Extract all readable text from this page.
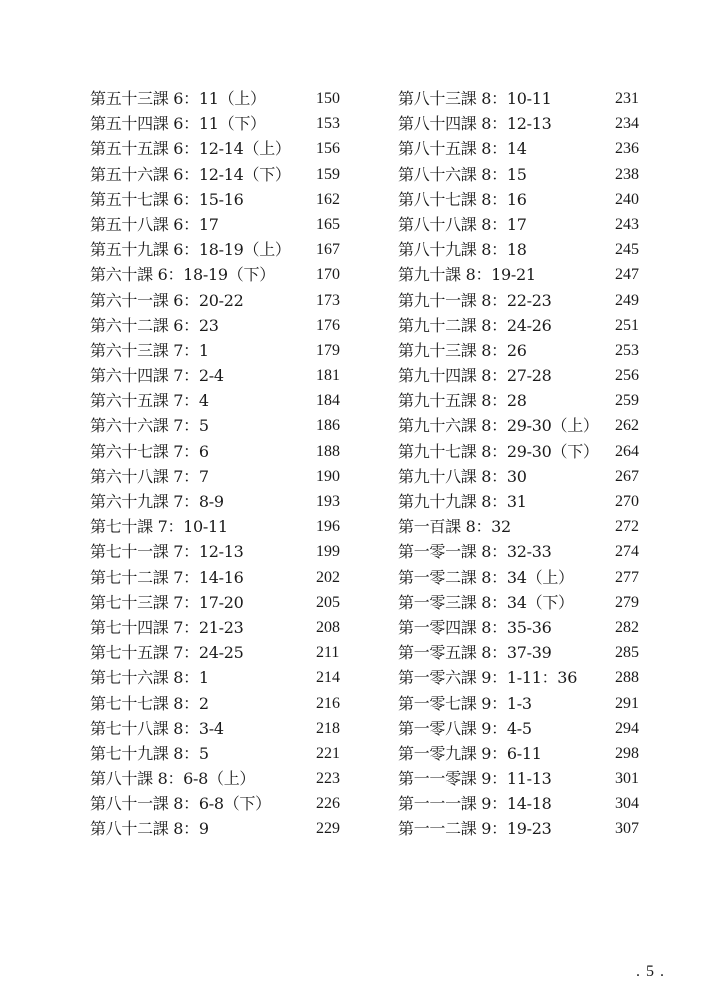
第五十三課 6：11（上）	150
第五十四課 6：11（下）	153
第五十五課 6：12-14（上） 156
第五十六課 6：12-14（下） 159
第五十七課 6：15-16	162
第五十八課 6：17	165
第五十九課 6：18-19（上） 167
第六十課 6：18-19（下）	170
第六十一課 6：20-22	173
第六十二課 6：23	176
第六十三課 7：1	179
第六十四課 7：2-4	181
第六十五課 7：4	184
第六十六課 7：5	186
第六十七課 7：6	188
第六十八課 7：7	190
第六十九課 7：8-9	193
第七十課 7：10-11	196
第七十一課 7：12-13	199
第七十二課 7：14-16	202
第七十三課 7：17-20	205
第七十四課 7：21-23	208
第七十五課 7：24-25	211
第七十六課 8：1	214
第七十七課 8：2	216
第七十八課 8：3-4	218
第七十九課 8：5	221
第八十課 8：6-8（上）	223
第八十一課 8：6-8（下）	226
第八十二課 8：9	229
第八十三課 8：10-11	231
第八十四課 8：12-13	234
第八十五課 8：14	236
第八十六課 8：15	238
第八十七課 8：16	240
第八十八課 8：17	243
第八十九課 8：18	245
第九十課 8：19-21	247
第九十一課 8：22-23	249
第九十二課 8：24-26	251
第九十三課 8：26	253
第九十四課 8：27-28	256
第九十五課 8：28	259
第九十六課 8：29-30（上） 262
第九十七課 8：29-30（下） 264
第九十八課 8：30	267
第九十九課 8：31	270
第一百課 8：32	272
第一零一課 8：32-33	274
第一零二課 8：34（上）	277
第一零三課 8：34（下）	279
第一零四課 8：35-36	282
第一零五課 8：37-39	285
第一零六課 9：1-11：36 288
第一零七課 9：1-3	291
第一零八課 9：4-5	294
第一零九課 9：6-11	298
第一一零課 9：11-13	301
第一一一課 9：14-18	304
第一一二課 9：19-23	307
. 5 .
